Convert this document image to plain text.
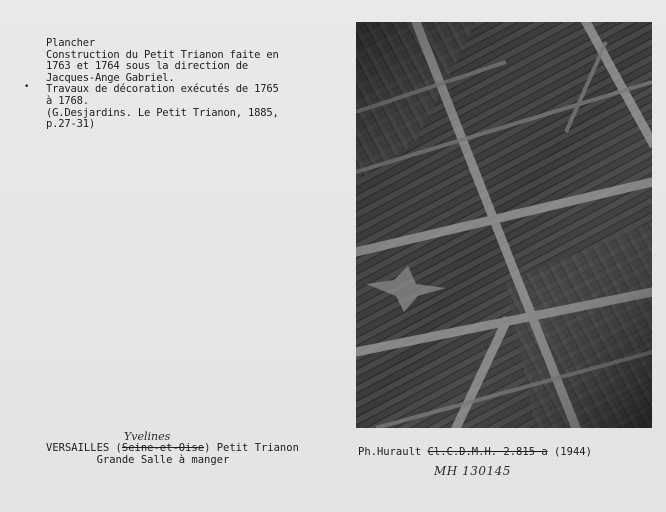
•
Plancher
Construction du Petit Trianon faite en
1763 et 1764 sous la direction de
Jacques-Ange Gabriel.
Travaux de décoration exécutés de 1765
à 1768.
(G.Desjardins. Le Petit Trianon, 1885,
p.27-31)
Yvelines
VERSAILLES (Seine-et-Oise) Petit Trianon
Grande Salle à manger
Ph.Hurault Cl.C.D.M.H. 2.815 a (1944)
MH 130145
